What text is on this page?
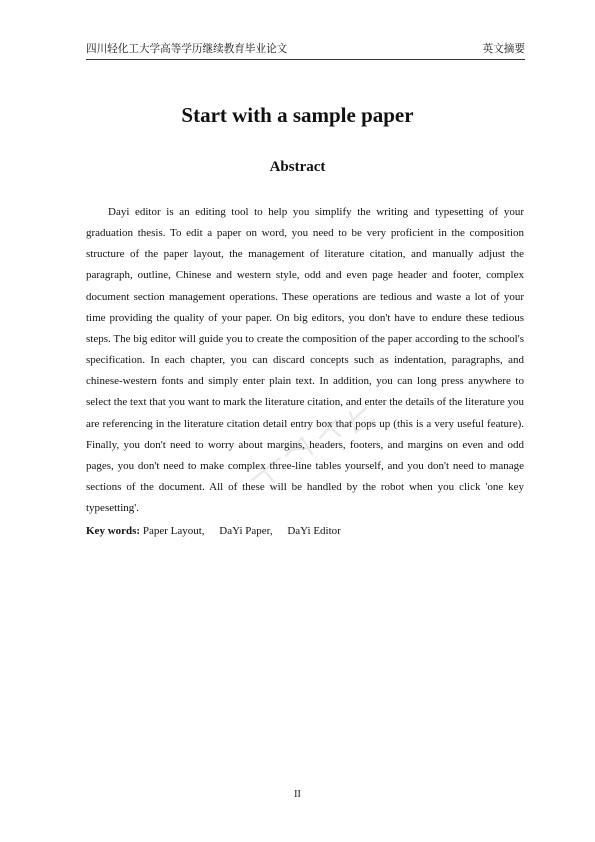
四川轻化工大学高等学历继续教育毕业论文	英文摘要
Start with a sample paper
Abstract

Dayi editor is an editing tool to help you simplify the writing and typesetting of your graduation thesis. To edit a paper on word, you need to be very proficient in the composition structure of the paper layout, the management of literature citation, and manually adjust the paragraph, outline, Chinese and western style, odd and even page header and footer, complex document section management operations. These operations are tedious and waste a lot of your time providing the quality of your paper. On big editors, you don't have to endure these tedious steps. The big editor will guide you to create the composition of the paper according to the school's specification. In each chapter, you can discard concepts such as indentation, paragraphs, and chinese-western fonts and simply enter plain text. In addition, you can long press anywhere to select the text that you want to mark the literature citation, and enter the details of the literature you are referencing in the literature citation detail entry box that pops up (this is a very useful feature). Finally, you don't need to worry about margins, headers, footers, and margins on even and odd pages, you don't need to make complex three-line tables yourself, and you don't need to manage sections of the document. All of these will be handled by the robot when you click 'one key typesetting'.

Key words: Paper Layout, DaYi Paper, DaYi Editor

II
